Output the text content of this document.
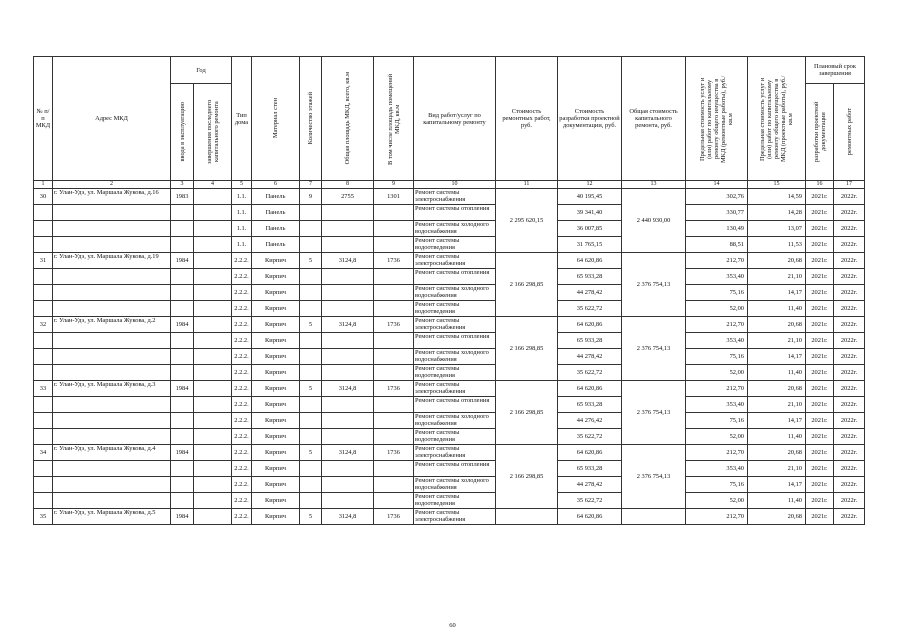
№ п/п МКД	Адрес МКД	Год		Тип дома	Материал стен	Количество этажей	Общая площадь МКД, всего, кв.м	В том числе площадь помещений МКД, кв.м	Вид работ/услуг по капитальному ремонту	Стоимость ремонтных работ, руб.	Стоимость разработки проектной документации, руб.	Общая стоимость капитального ремонта, руб.	Предельная стоимость услуг и (или) работ по капитальному ремонту общего имущества в МКД (ремонтные работы), руб./кв.м	Предельная стоимость услуг и (или) работ по капитальному ремонту общего имущества в МКД (проектные работы), руб./кв.м	Плановый срок завершения	

		ввода в эксплуатацию	завершения последнего капитального ремонта												разработки проектной документации	ремонтных работ

1	2	3	4	5	6	7	8	9	10	11	12	13	14	15	16	17
30	г. Улан-Удэ, ул. Маршала Жукова, д.16	1983		1.1.	Панель	9	2755	1301	Ремонт системы электроснабжения	2 295 620,15	40 195,45	2 440 930,00	302,76	14,59	2021г.	2022г.
				1.1.	Панель				Ремонт системы отопления		39 341,40		330,77	14,28	2021г.	2022г.
				1.1.	Панель				Ремонт системы холодного водоснабжения		36 007,85		130,49	13,07	2021г.	2022г.
				1.1.	Панель				Ремонт системы водоотведения		31 765,15		88,51	11,53	2021г.	2022г.
31	г. Улан-Удэ, ул. Маршала Жукова, д.19	1984		2.2.2.	Кирпич	5	3124,8	1736	Ремонт системы электроснабжения	2 166 298,85	64 620,86	2 376 754,13	212,70	20,68	2021г.	2022г.
				2.2.2.	Кирпич				Ремонт системы отопления		65 933,28		353,40	21,10	2021г.	2022г.
				2.2.2.	Кирпич				Ремонт системы холодного водоснабжения		44 278,42		75,16	14,17	2021г.	2022г.
				2.2.2.	Кирпич				Ремонт системы водоотведения		35 622,72		52,00	11,40	2021г.	2022г.
32	г. Улан-Удэ, ул. Маршала Жукова, д.2	1984		2.2.2.	Кирпич	5	3124,8	1736	Ремонт системы электроснабжения	2 166 298,85	64 620,86	2 376 754,13	212,70	20,68	2021г.	2022г.
				2.2.2.	Кирпич				Ремонт системы отопления		65 933,28		353,40	21,10	2021г.	2022г.
				2.2.2.	Кирпич				Ремонт системы холодного водоснабжения		44 278,42		75,16	14,17	2021г.	2022г.
				2.2.2.	Кирпич				Ремонт системы водоотведения		35 622,72		52,00	11,40	2021г.	2022г.
33	г. Улан-Удэ, ул. Маршала Жукова, д.3	1984		2.2.2.	Кирпич	5	3124,8	1736	Ремонт системы электроснабжения	2 166 298,85	64 620,86	2 376 754,13	212,70	20,68	2021г.	2022г.
				2.2.2.	Кирпич				Ремонт системы отопления		65 933,28		353,40	21,10	2021г.	2022г.
				2.2.2.	Кирпич				Ремонт системы холодного водоснабжения		44 276,42		75,16	14,17	2021г.	2022г.
				2.2.2.	Кирпич				Ремонт системы водоотведения		35 622,72		52,00	11,40	2021г.	2022г.
34	г. Улан-Удэ, ул. Маршала Жукова, д.4	1984		2.2.2.	Кирпич	5	3124,8	1736	Ремонт системы электроснабжения	2 166 298,85	64 620,86	2 376 754,13	212,70	20,68	2021г.	2022г.
				2.2.2.	Кирпич				Ремонт системы отопления		65 933,28		353,40	21,10	2021г.	2022г.
				2.2.2.	Кирпич				Ремонт системы холодного водоснабжения		44 278,42		75,16	14,17	2021г.	2022г.
				2.2.2.	Кирпич				Ремонт системы водоотведения		35 622,72		52,00	11,40	2021г.	2022г.
35	г. Улан-Удэ, ул. Маршала Жукова, д.5	1984		2.2.2.	Кирпич	5	3124,8	1736	Ремонт системы электроснабжения		64 620,86		212,70	20,68	2021г.	2022г.
60
